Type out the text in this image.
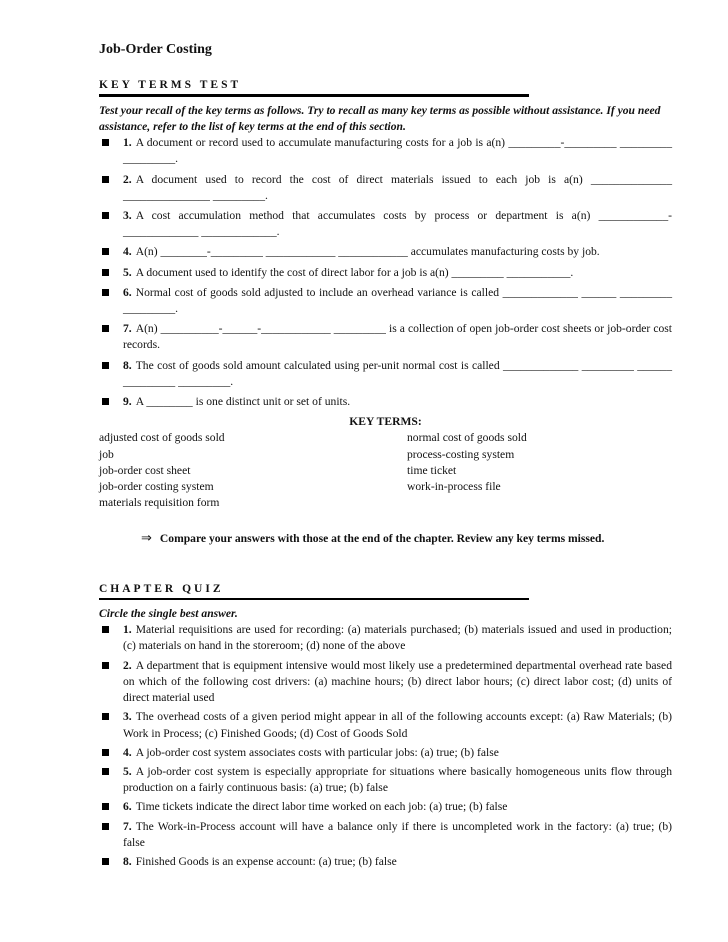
Job-Order Costing
KEY TERMS TEST
Test your recall of the key terms as follows. Try to recall as many key terms as possible without assistance. If you need assistance, refer to the list of key terms at the end of this section.
1. A document or record used to accumulate manufacturing costs for a job is a(n) _________-_________ _________ _________.
2. A document used to record the cost of direct materials issued to each job is a(n) ______________ _______________ _________.
3. A cost accumulation method that accumulates costs by process or department is a(n) ____________-_____________ _____________.
4. A(n) ________-_________ ____________ ____________ accumulates manufacturing costs by job.
5. A document used to identify the cost of direct labor for a job is a(n) _________ ___________.
6. Normal cost of goods sold adjusted to include an overhead variance is called _____________ ______ _________ _________.
7. A(n) __________-______-____________ _________ is a collection of open job-order cost sheets or job-order cost records.
8. The cost of goods sold amount calculated using per-unit normal cost is called _____________ _________ ______ _________ _________.
9. A ________ is one distinct unit or set of units.
KEY TERMS:
adjusted cost of goods sold
job
job-order cost sheet
job-order costing system
materials requisition form
normal cost of goods sold
process-costing system
time ticket
work-in-process file
⇒ Compare your answers with those at the end of the chapter. Review any key terms missed.
CHAPTER QUIZ
Circle the single best answer.
1. Material requisitions are used for recording: (a) materials purchased; (b) materials issued and used in production; (c) materials on hand in the storeroom; (d) none of the above
2. A department that is equipment intensive would most likely use a predetermined departmental overhead rate based on which of the following cost drivers: (a) machine hours; (b) direct labor hours; (c) direct labor cost; (d) units of direct material used
3. The overhead costs of a given period might appear in all of the following accounts except: (a) Raw Materials; (b) Work in Process; (c) Finished Goods; (d) Cost of Goods Sold
4. A job-order cost system associates costs with particular jobs: (a) true; (b) false
5. A job-order cost system is especially appropriate for situations where basically homogeneous units flow through production on a fairly continuous basis: (a) true; (b) false
6. Time tickets indicate the direct labor time worked on each job: (a) true; (b) false
7. The Work-in-Process account will have a balance only if there is uncompleted work in the factory: (a) true; (b) false
8. Finished Goods is an expense account: (a) true; (b) false
